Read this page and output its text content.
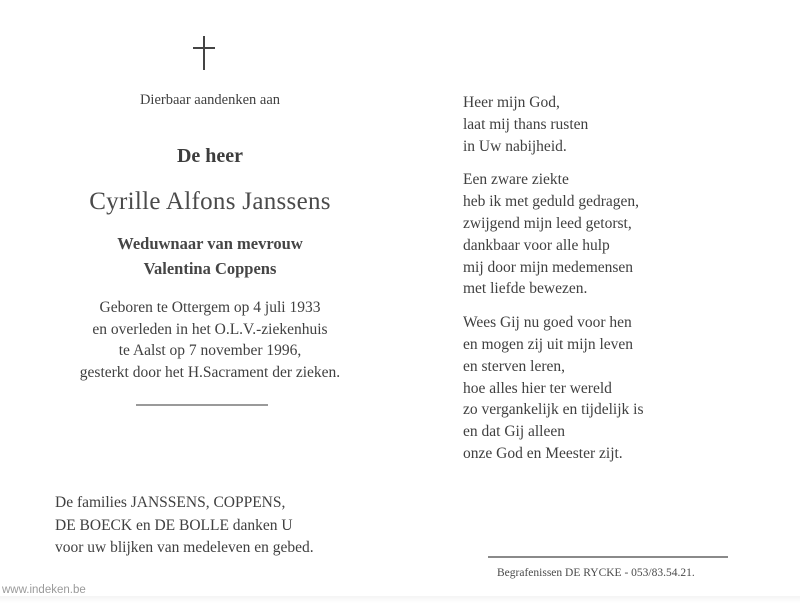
Dierbaar aandenken aan
De heer
Cyrille Alfons Janssens
Weduwnaar van mevrouw
Valentina Coppens
Geboren te Ottergem op 4 juli 1933
en overleden in het O.L.V.-ziekenhuis
te Aalst op 7 november 1996,
gesterkt door het H.Sacrament der zieken.
De families JANSSENS, COPPENS,
DE BOECK en DE BOLLE danken U
voor uw blijken van medeleven en gebed.
Heer mijn God,
laat mij thans rusten
in Uw nabijheid.
Een zware ziekte
heb ik met geduld gedragen,
zwijgend mijn leed getorst,
dankbaar voor alle hulp
mij door mijn medemensen
met liefde bewezen.
Wees Gij nu goed voor hen
en mogen zij uit mijn leven
en sterven leren,
hoe alles hier ter wereld
zo vergankelijk en tijdelijk is
en dat Gij alleen
onze God en Meester zijt.
Begrafenissen DE RYCKE - 053/83.54.21.
www.indeken.be
